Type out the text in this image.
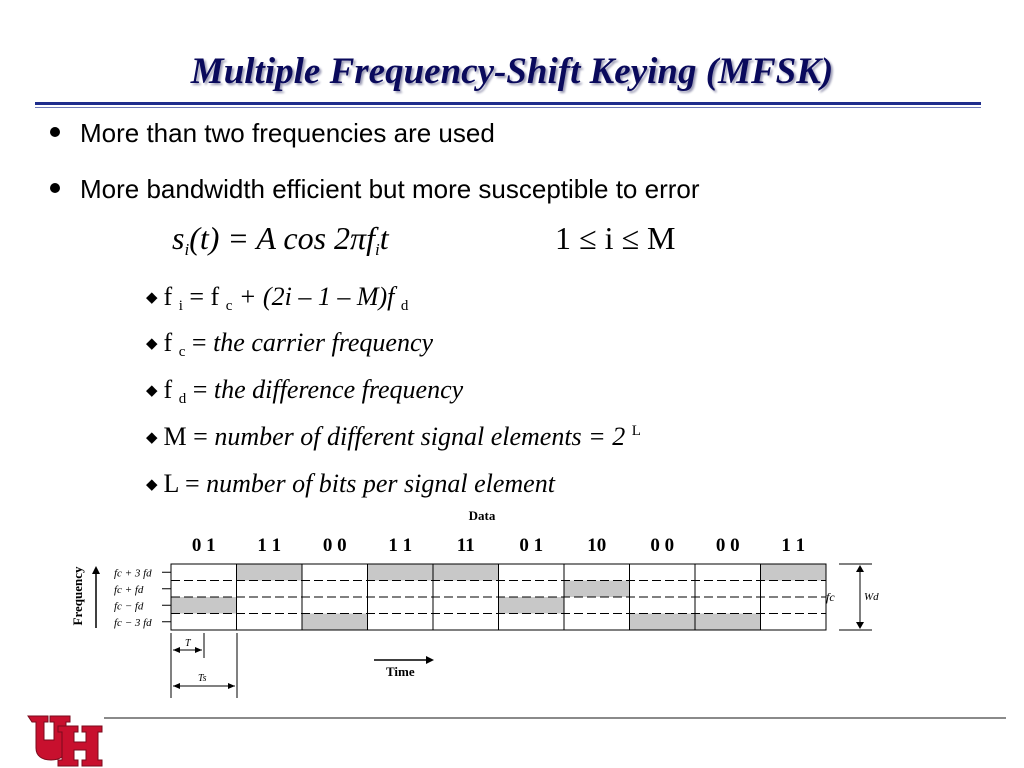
Multiple Frequency-Shift Keying (MFSK)
More than two frequencies are used
More bandwidth efficient but more susceptible to error
si(t) = A cos 2πfit	1 ≤ i ≤ M
◆ f i = f c + (2i – 1 – M)f d
◆ f c = the carrier frequency
◆ f d = the difference frequency
◆ M = number of different signal elements = 2 $^L$
◆ L = number of bits per signal element
Data
0 1 1 1 0 0 1 1 11 0 1 10 0 0 0 0 1 1
Frequency	fc + 3 fd
fc + fd
fc − fd
fc − 3 fd
fc	Wd
T
Ts	Time
